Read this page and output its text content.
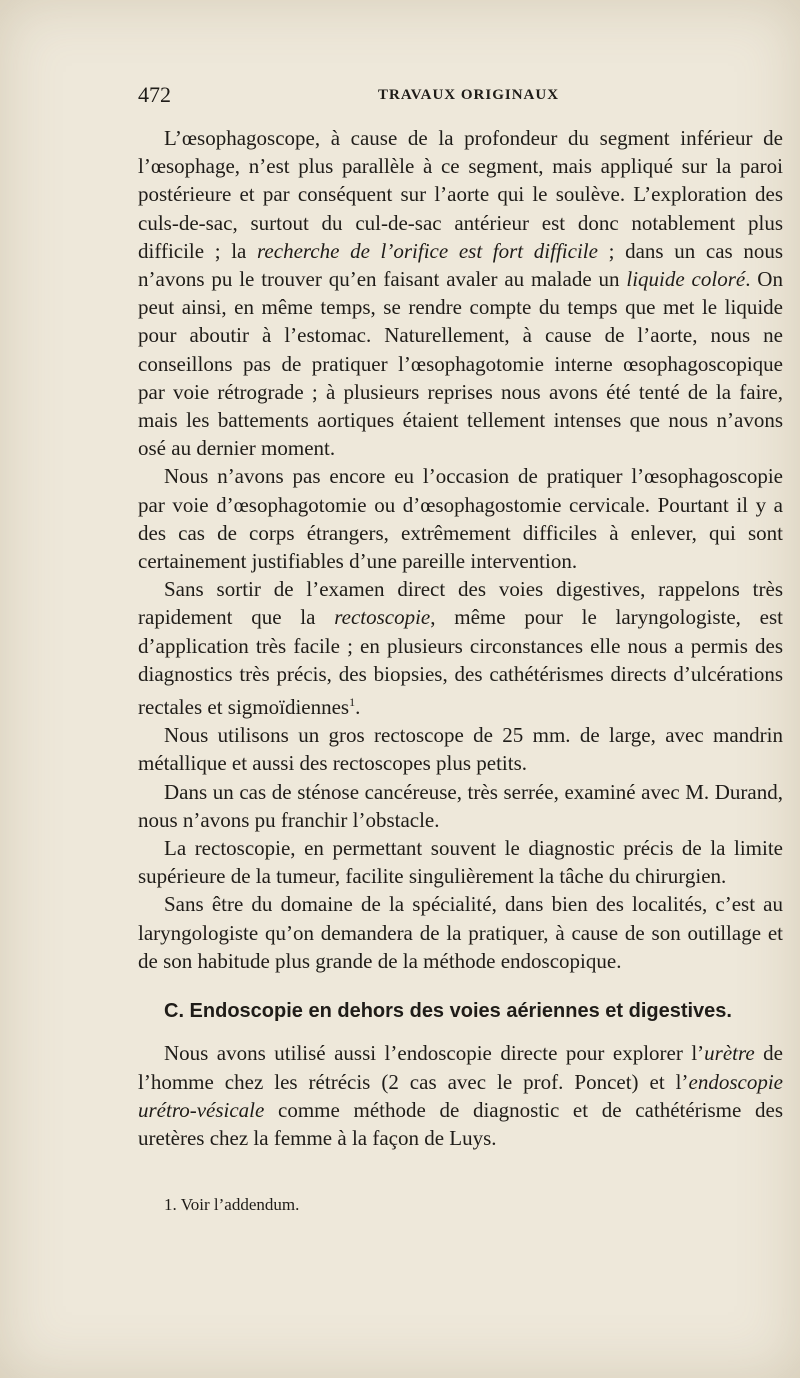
472	TRAVAUX ORIGINAUX

L’œsophagoscope, à cause de la profondeur du segment inférieur de l’œsophage, n’est plus parallèle à ce segment, mais appliqué sur la paroi postérieure et par conséquent sur l’aorte qui le soulève. L’exploration des culs-de-sac, surtout du cul-de-sac antérieur est donc notablement plus difficile ; la recherche de l’orifice est fort difficile ; dans un cas nous n’avons pu le trouver qu’en faisant avaler au malade un liquide coloré. On peut ainsi, en même temps, se rendre compte du temps que met le liquide pour aboutir à l’estomac. Naturellement, à cause de l’aorte, nous ne conseillons pas de pratiquer l’œsophagotomie interne œsophagoscopique par voie rétrograde ; à plusieurs reprises nous avons été tenté de la faire, mais les battements aortiques étaient tellement intenses que nous n’avons osé au dernier moment.

Nous n’avons pas encore eu l’occasion de pratiquer l’œsophagoscopie par voie d’œsophagotomie ou d’œsophagostomie cervicale. Pourtant il y a des cas de corps étrangers, extrêmement difficiles à enlever, qui sont certainement justifiables d’une pareille intervention.

Sans sortir de l’examen direct des voies digestives, rappelons très rapidement que la rectoscopie, même pour le laryngologiste, est d’application très facile ; en plusieurs circonstances elle nous a permis des diagnostics très précis, des biopsies, des cathétérismes directs d’ulcérations rectales et sigmoïdiennes$^1$.

Nous utilisons un gros rectoscope de 25 mm. de large, avec mandrin métallique et aussi des rectoscopes plus petits.

Dans un cas de sténose cancéreuse, très serrée, examiné avec M. Durand, nous n’avons pu franchir l’obstacle.

La rectoscopie, en permettant souvent le diagnostic précis de la limite supérieure de la tumeur, facilite singulièrement la tâche du chirurgien.

Sans être du domaine de la spécialité, dans bien des localités, c’est au laryngologiste qu’on demandera de la pratiquer, à cause de son outillage et de son habitude plus grande de la méthode endoscopique.

C. Endoscopie en dehors des voies aériennes et digestives.

Nous avons utilisé aussi l’endoscopie directe pour explorer l’urètre de l’homme chez les rétrécis (2 cas avec le prof. Poncet) et l’endoscopie urétro-vésicale comme méthode de diagnostic et de cathétérisme des uretères chez la femme à la façon de Luys.

1. Voir l’addendum.
